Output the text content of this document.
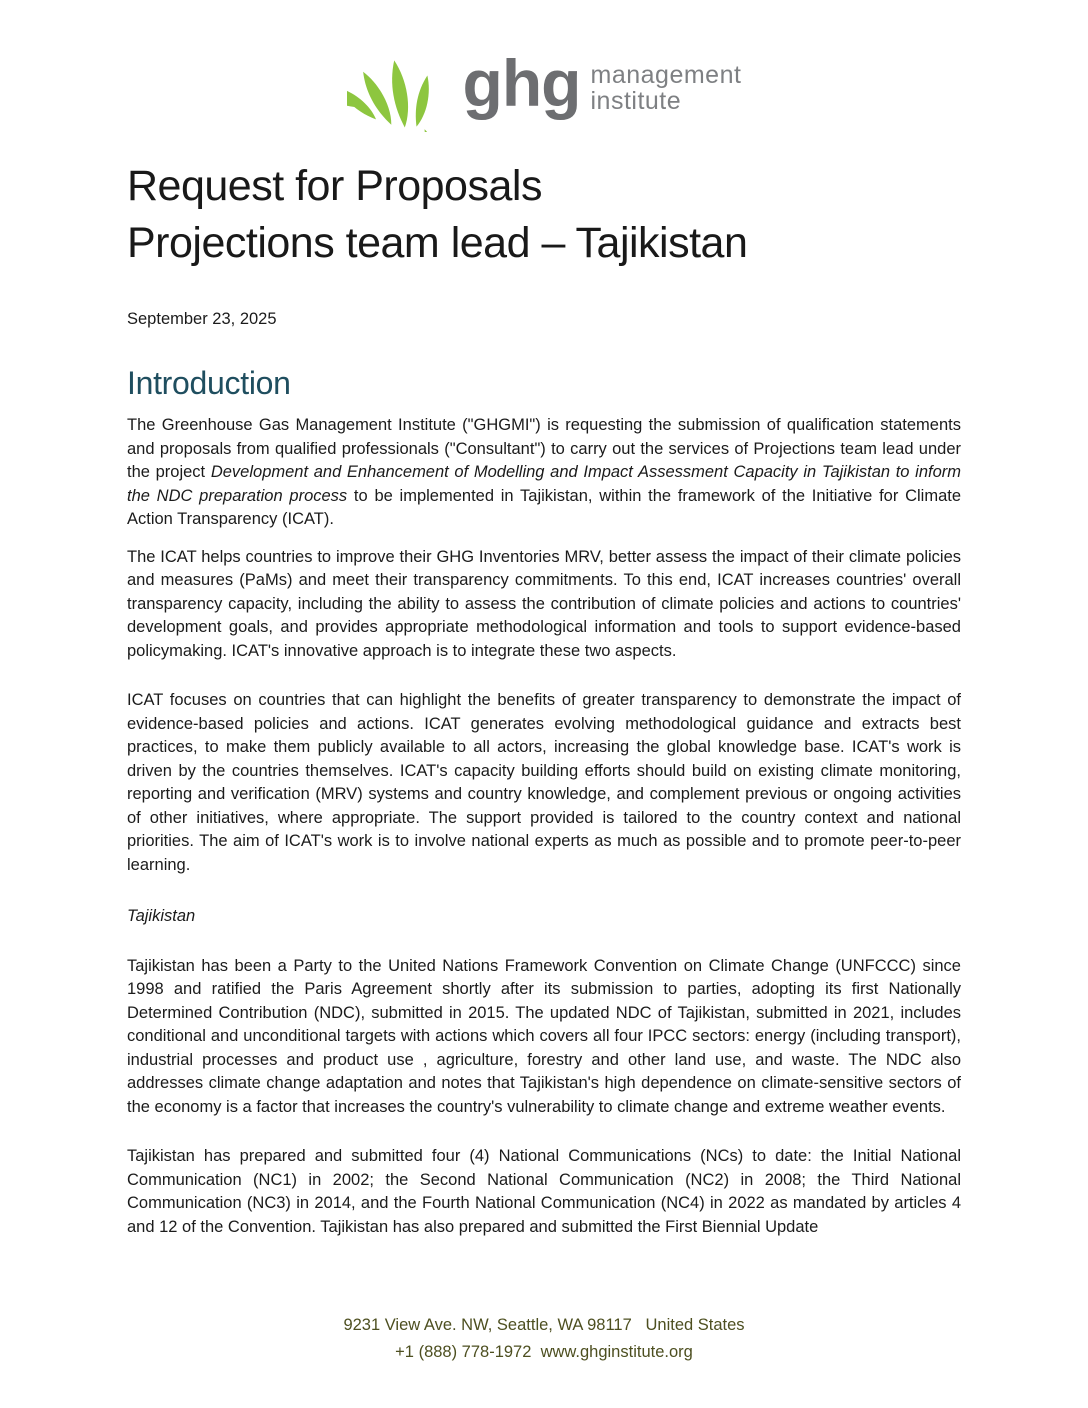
ghg management
institute
Request for Proposals
Projections team lead – Tajikistan

September 23, 2025

Introduction

The Greenhouse Gas Management Institute ("GHGMI") is requesting the submission of qualification statements and proposals from qualified professionals ("Consultant") to carry out the services of Projections team lead under the project Development and Enhancement of Modelling and Impact Assessment Capacity in Tajikistan to inform the NDC preparation process to be implemented in Tajikistan, within the framework of the Initiative for Climate Action Transparency (ICAT).

The ICAT helps countries to improve their GHG Inventories MRV, better assess the impact of their climate policies and measures (PaMs) and meet their transparency commitments. To this end, ICAT increases countries' overall transparency capacity, including the ability to assess the contribution of climate policies and actions to countries' development goals, and provides appropriate methodological information and tools to support evidence-based policymaking. ICAT's innovative approach is to integrate these two aspects.

ICAT focuses on countries that can highlight the benefits of greater transparency to demonstrate the impact of evidence-based policies and actions. ICAT generates evolving methodological guidance and extracts best practices, to make them publicly available to all actors, increasing the global knowledge base. ICAT's work is driven by the countries themselves. ICAT's capacity building efforts should build on existing climate monitoring, reporting and verification (MRV) systems and country knowledge, and complement previous or ongoing activities of other initiatives, where appropriate. The support provided is tailored to the country context and national priorities. The aim of ICAT's work is to involve national experts as much as possible and to promote peer-to-peer learning.

Tajikistan

Tajikistan has been a Party to the United Nations Framework Convention on Climate Change (UNFCCC) since 1998 and ratified the Paris Agreement shortly after its submission to parties, adopting its first Nationally Determined Contribution (NDC), submitted in 2015. The updated NDC of Tajikistan, submitted in 2021, includes conditional and unconditional targets with actions which covers all four IPCC sectors: energy (including transport), industrial processes and product use , agriculture, forestry and other land use, and waste. The NDC also addresses climate change adaptation and notes that Tajikistan's high dependence on climate-sensitive sectors of the economy is a factor that increases the country's vulnerability to climate change and extreme weather events.

Tajikistan has prepared and submitted four (4) National Communications (NCs) to date: the Initial National Communication (NC1) in 2002; the Second National Communication (NC2) in 2008; the Third National Communication (NC3) in 2014, and the Fourth National Communication (NC4) in 2022 as mandated by articles 4 and 12 of the Convention. Tajikistan has also prepared and submitted the First Biennial Update

9231 View Ave. NW, Seattle, WA 98117   United States
+1 (888) 778-1972  www.ghginstitute.org
